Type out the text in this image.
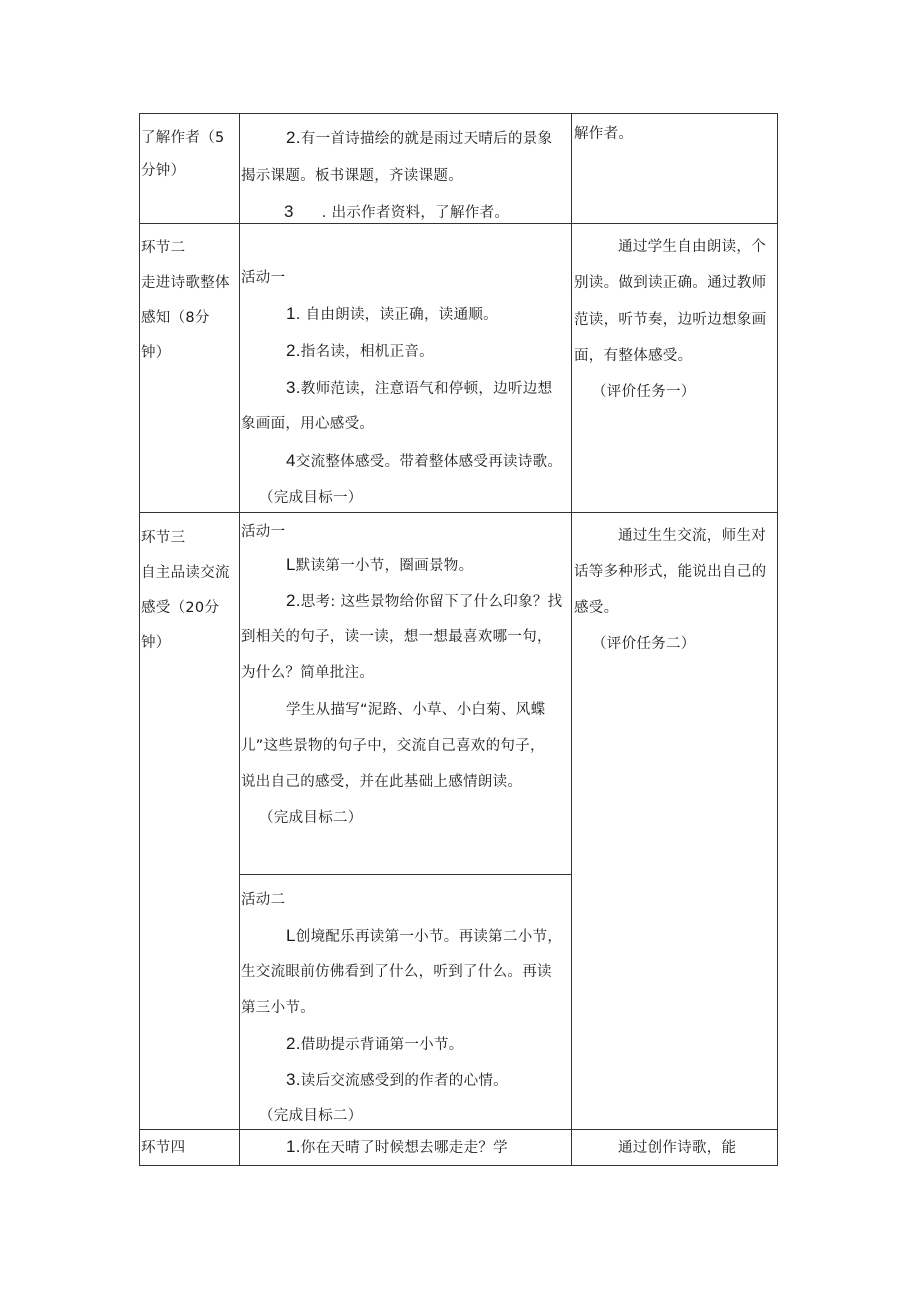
了解作者（5
分钟）
2.有一首诗描绘的就是雨过天晴后的景象
揭示课题。板书课题，齐读课题。
3 . 出示作者资料，了解作者。
解作者。
环节二
走进诗歌整体
感知（8分
钟）
活动一
1. 自由朗读，读正确，读通顺。
2.指名读，相机正音。
3.教师范读，注意语气和停顿，边听边想
象画面，用心感受。
4交流整体感受。带着整体感受再读诗歌。
（完成目标一）
通过学生自由朗读，个
别读。做到读正确。通过教师
范读，听节奏，边听边想象画
面，有整体感受。
（评价任务一）
环节三
自主品读交流
感受（20分
钟）
活动一
L默读第一小节，圈画景物。
2.思考: 这些景物给你留下了什么印象？找
到相关的句子，读一读，想一想最喜欢哪一句，
为什么？简单批注。
学生从描写“泥路、小草、小白菊、风蝶
儿”这些景物的句子中，交流自己喜欢的句子，
说出自己的感受，并在此基础上感情朗读。
（完成目标二）
活动二
L创境配乐再读第一小节。再读第二小节，
生交流眼前仿佛看到了什么，听到了什么。再读
第三小节。
2.借助提示背诵第一小节。
3.读后交流感受到的作者的心情。
（完成目标二）
通过生生交流，师生对
话等多种形式，能说出自己的
感受。
（评价任务二）
环节四	1.你在天晴了时候想去哪走走？学	通过创作诗歌，能
